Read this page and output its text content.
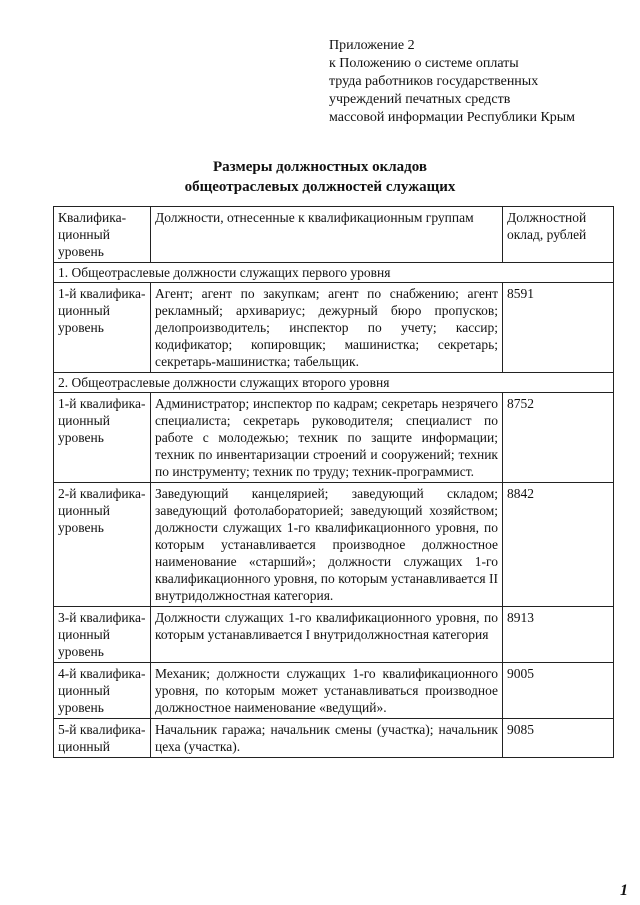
Приложение 2
к Положению о системе оплаты
труда работников государственных
учреждений печатных средств
массовой информации Республики Крым
Размеры должностных окладов
общеотраслевых должностей служащих
Квалифика-ционный уровень	Должности, отнесенные к квалификационным группам	Должностной оклад, рублей
1. Общеотраслевые должности служащих первого уровня		
1-й квалифика-ционный уровень	Агент; агент по закупкам; агент по снабжению; агент рекламный; архивариус; дежурный бюро пропусков; делопроизводитель; инспектор по учету; кассир; кодификатор; копировщик; машинистка; секретарь; секретарь-машинистка; табельщик.	8591
2. Общеотраслевые должности служащих второго уровня		
1-й квалифика-ционный уровень	Администратор; инспектор по кадрам; секретарь незрячего специалиста; секретарь руководителя; специалист по работе с молодежью; техник по защите информации; техник по инвентаризации строений и сооружений; техник по инструменту; техник по труду; техник-программист.	8752
2-й квалифика-ционный уровень	Заведующий канцелярией; заведующий складом; заведующий фотолабораторией; заведующий хозяйством; должности служащих 1-го квалификационного уровня, по которым устанавливается производное должностное наименование «старший»; должности служащих 1-го квалификационного уровня, по которым устанавливается II внутридолжностная категория.	8842
3-й квалифика-ционный уровень	Должности служащих 1-го квалификационного уровня, по которым устанавливается I внутридолжностная категория	8913
4-й квалифика-ционный уровень	Механик; должности служащих 1-го квалификационного уровня, по которым может устанавливаться производное должностное наименование «ведущий».	9005
5-й квалифика-ционный	Начальник гаража; начальник смены (участка); начальник цеха (участка).	9085
1
